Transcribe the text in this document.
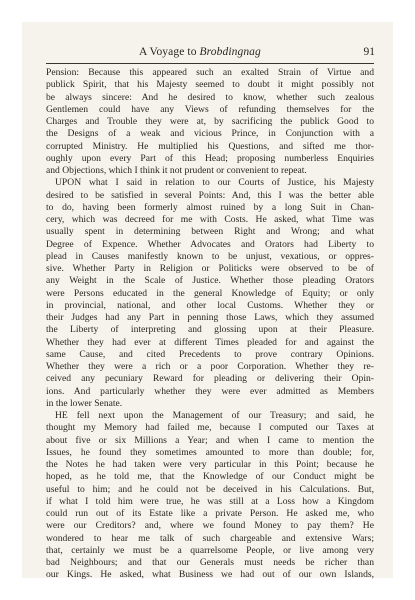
A Voyage to Brobdingnag	91
Pension: Because this appeared such an exalted Strain of Virtue and
publick Spirit, that his Majesty seemed to doubt it might possibly not
be always sincere: And he desired to know, whether such zealous
Gentlemen could have any Views of refunding themselves for the
Charges and Trouble they were at, by sacrificing the publick Good to
the Designs of a weak and vicious Prince, in Conjunction with a
corrupted Ministry. He multiplied his Questions, and sifted me thor-
oughly upon every Part of this Head; proposing numberless Enquiries
and Objections, which I think it not prudent or convenient to repeat.
UPON what I said in relation to our Courts of Justice, his Majesty
desired to be satisfied in several Points: And, this I was the better able
to do, having been formerly almost ruined by a long Suit in Chan-
cery, which was decreed for me with Costs. He asked, what Time was
usually spent in determining between Right and Wrong; and what
Degree of Expence. Whether Advocates and Orators had Liberty to
plead in Causes manifestly known to be unjust, vexatious, or oppres-
sive. Whether Party in Religion or Politicks were observed to be of
any Weight in the Scale of Justice. Whether those pleading Orators
were Persons educated in the general Knowledge of Equity; or only
in provincial, national, and other local Customs. Whether they or
their Judges had any Part in penning those Laws, which they assumed
the Liberty of interpreting and glossing upon at their Pleasure.
Whether they had ever at different Times pleaded for and against the
same Cause, and cited Precedents to prove contrary Opinions.
Whether they were a rich or a poor Corporation. Whether they re-
ceived any pecuniary Reward for pleading or delivering their Opin-
ions. And particularly whether they were ever admitted as Members
in the lower Senate.
HE fell next upon the Management of our Treasury; and said, he
thought my Memory had failed me, because I computed our Taxes at
about five or six Millions a Year; and when I came to mention the
Issues, he found they sometimes amounted to more than double; for,
the Notes he had taken were very particular in this Point; because he
hoped, as he told me, that the Knowledge of our Conduct might be
useful to him; and he could not be deceived in his Calculations. But,
if what I told him were true, he was still at a Loss how a Kingdom
could run out of its Estate like a private Person. He asked me, who
were our Creditors? and, where we found Money to pay them? He
wondered to hear me talk of such chargeable and extensive Wars;
that, certainly we must be a quarrelsome People, or live among very
bad Neighbours; and that our Generals must needs be richer than
our Kings. He asked, what Business we had out of our own Islands,
